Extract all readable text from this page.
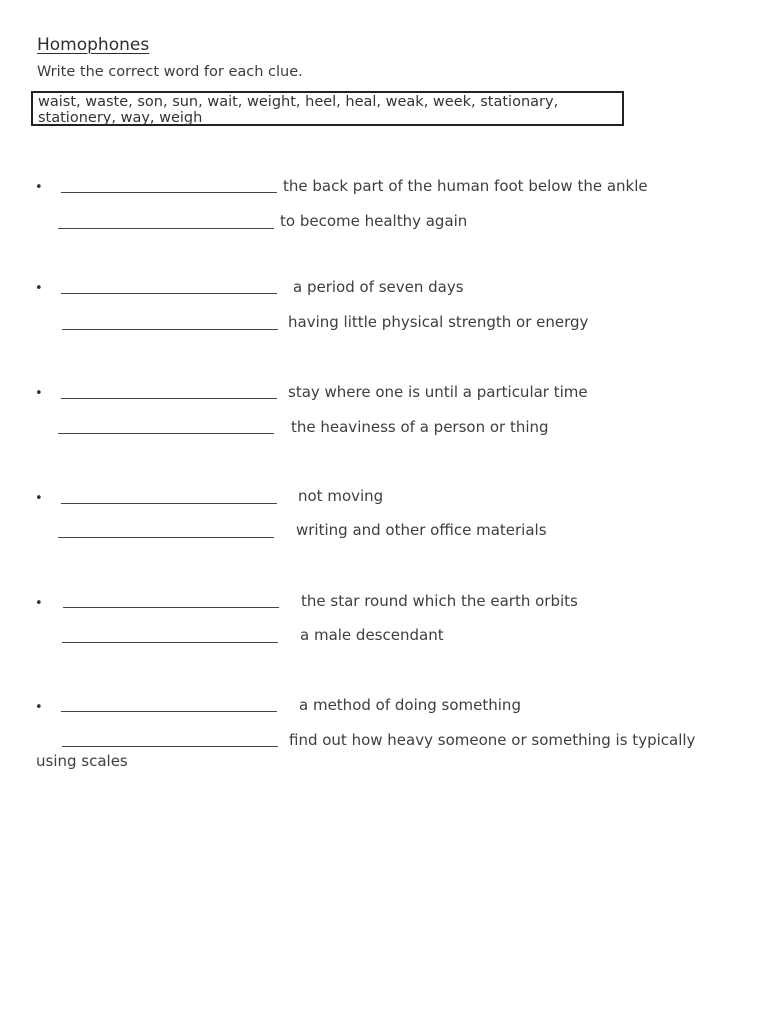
Homophones
Write the correct word for each clue.
waist, waste, son, sun, wait, weight, heel, heal, weak, week, stationary,
stationery, way, weigh
•	the back part of the human foot below the ankle
to become healthy again
•	a period of seven days
having little physical strength or energy
•	stay where one is until a particular time
the heaviness of a person or thing
•	not moving
writing and other office materials
•	the star round which the earth orbits
a male descendant
•	a method of doing something
find out how heavy someone or something is typically
using scales
